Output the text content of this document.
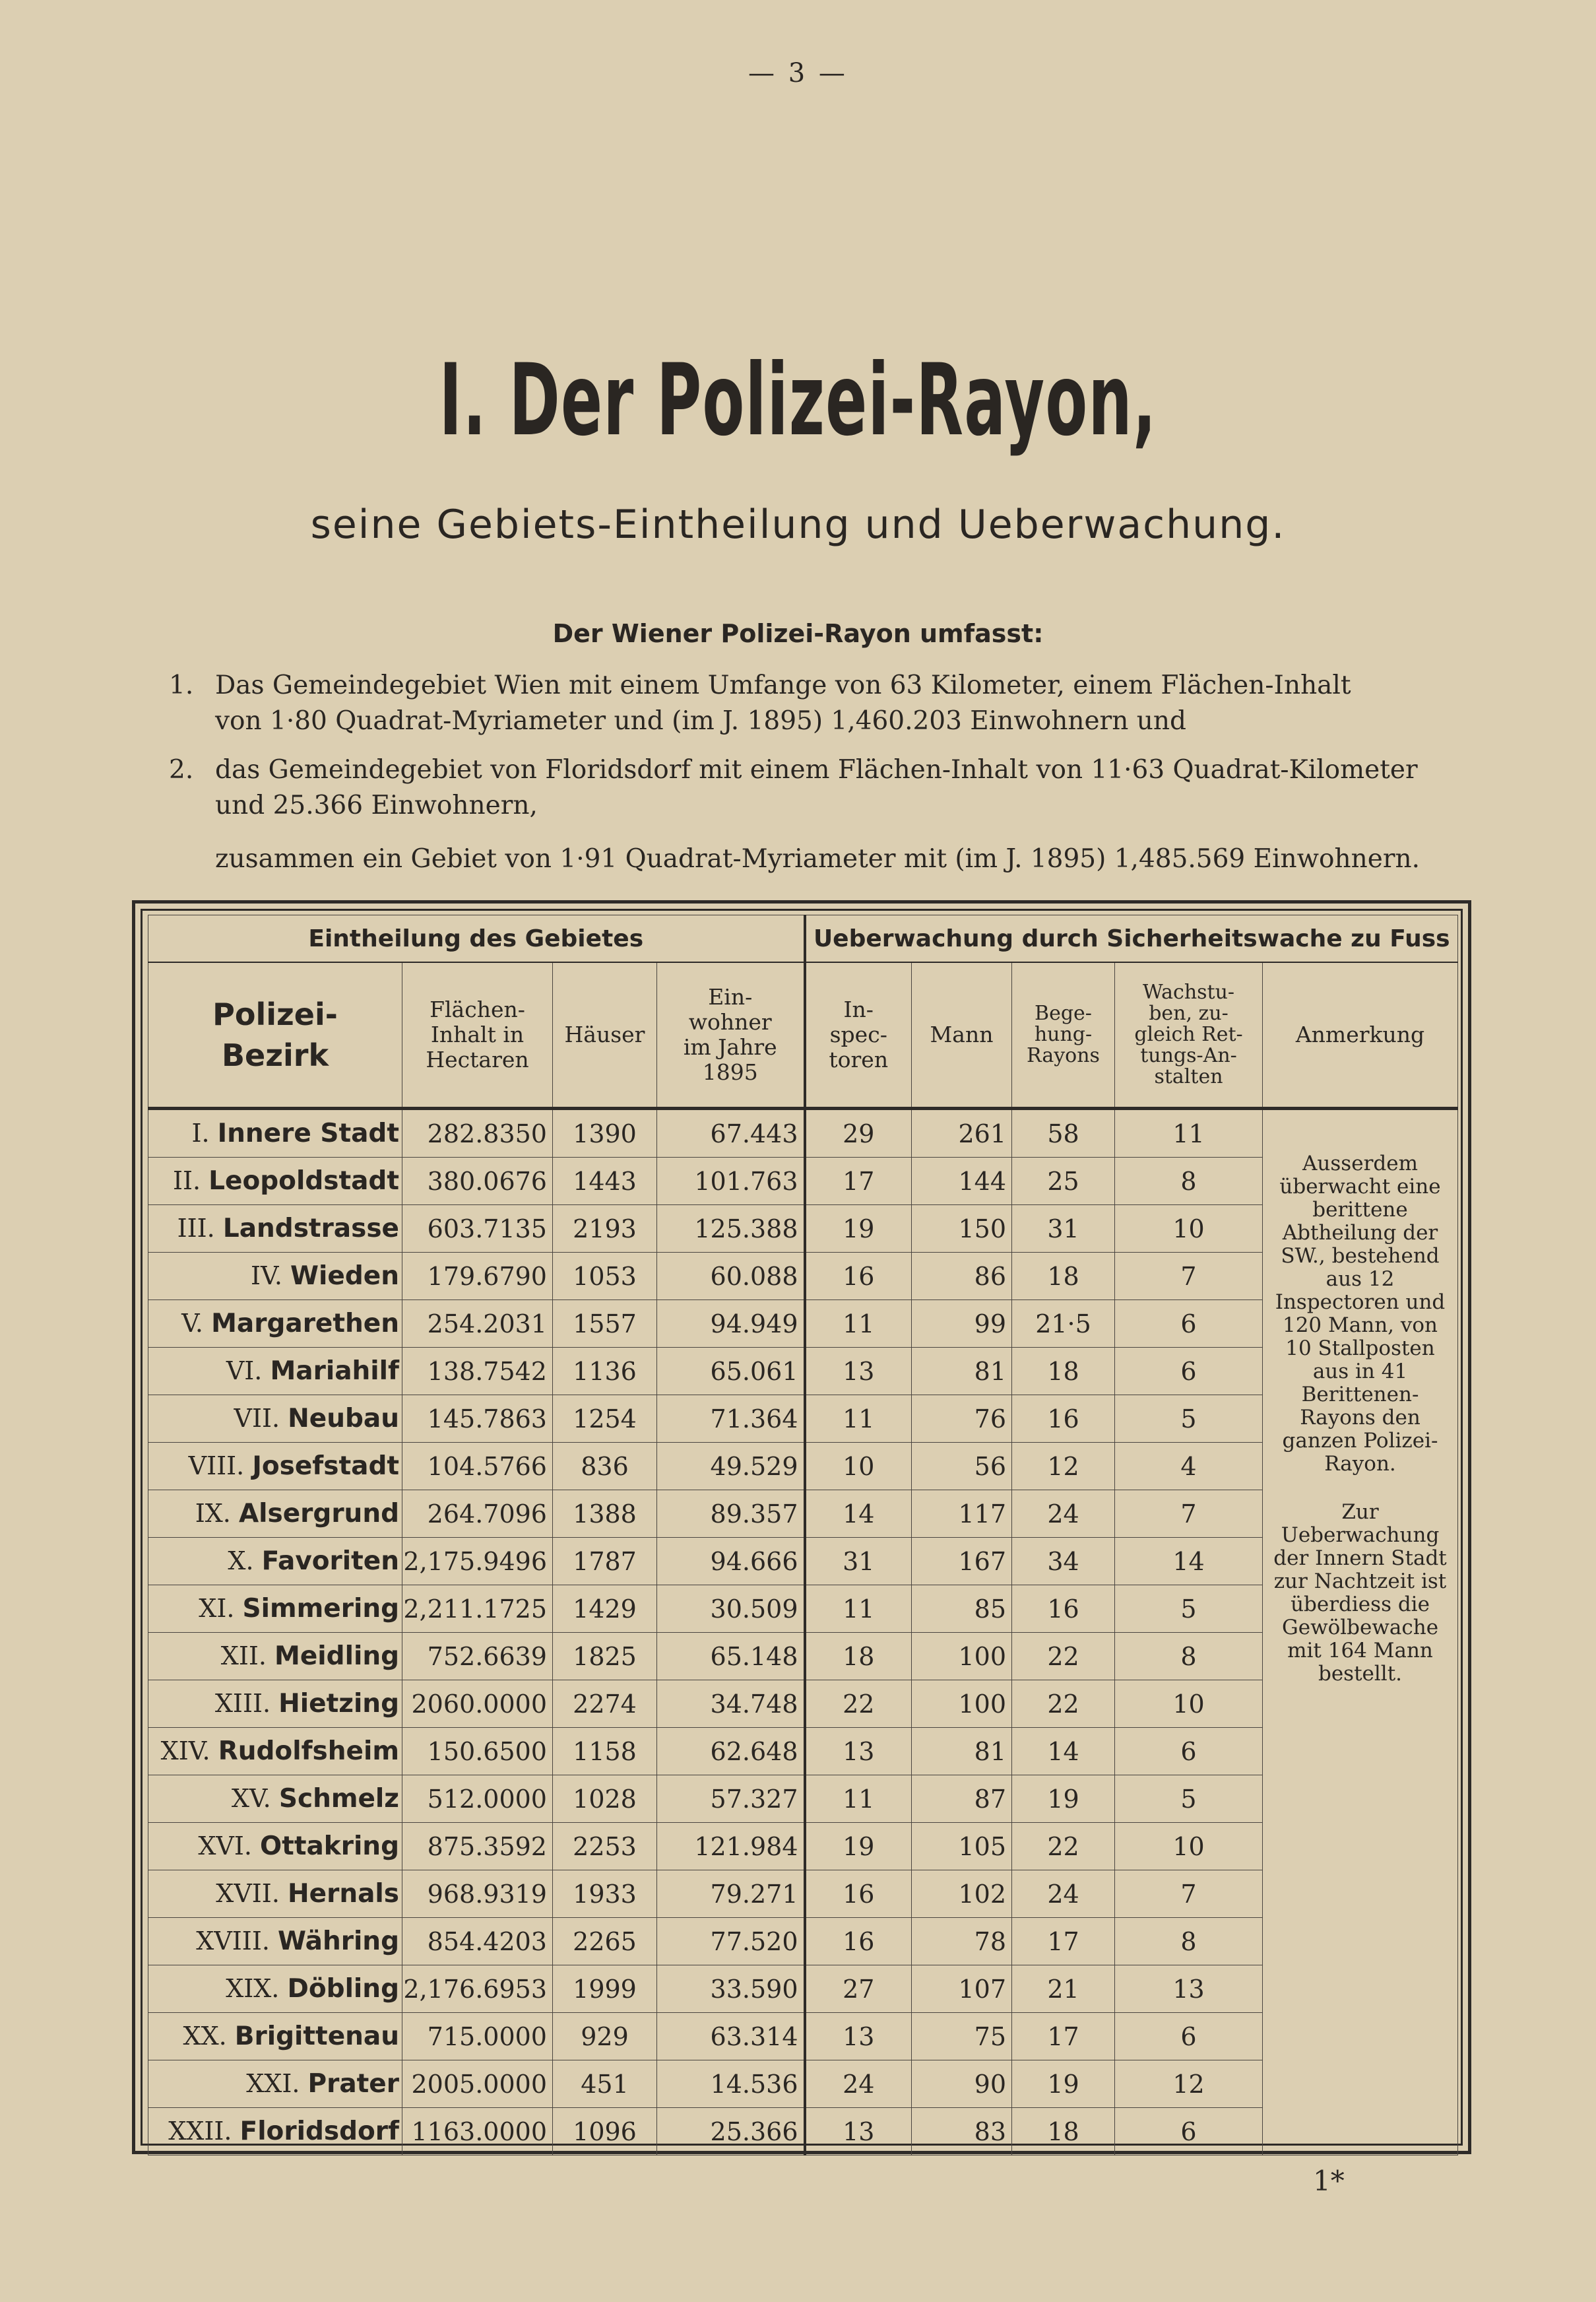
— 3 —
I. Der Polizei-Rayon,
seine Gebiets-Eintheilung und Ueberwachung.
Der Wiener Polizei-Rayon umfasst:
1. Das Gemeindegebiet Wien mit einem Umfange von 63 Kilometer, einem Flächen-Inhalt
von 1·80 Quadrat-Myriameter und (im J. 1895) 1,460.203 Einwohnern und
2. das Gemeindegebiet von Floridsdorf mit einem Flächen-Inhalt von 11·63 Quadrat-Kilometer
und 25.366 Einwohnern,
zusammen ein Gebiet von 1·91 Quadrat-Myriameter mit (im J. 1895) 1,485.569 Einwohnern.
Eintheilung des Gebietes				Ueberwachung durch Sicherheitswache zu Fuss				
Polizei-
Bezirk	Flächen-
Inhalt in
Hectaren	Häuser	Ein-
wohner
im Jahre
1895	In-
spec-
toren	Mann	Bege-
hung-
Rayons	Wachstu-
ben, zu-
gleich Ret-
tungs-An-
stalten	Anmerkung
I. Innere Stadt	282.8350	1390	67.443	29	261	58	11	Ausserdem überwacht eine berittene Abtheilung der SW., bestehend aus 12 Inspectoren und 120 Mann, von 10 Stallposten aus in 41 Berittenen-Rayons den ganzen Polizei-Rayon.

Zur Ueberwachung der Innern Stadt zur Nachtzeit ist überdiess die Gewölbewache mit 164 Mann bestellt.

II. Leopoldstadt	380.0676	1443	101.763	17	144	25	8	
III. Landstrasse	603.7135	2193	125.388	19	150	31	10	
IV. Wieden	179.6790	1053	60.088	16	86	18	7	
V. Margarethen	254.2031	1557	94.949	11	99	21·5	6	
VI. Mariahilf	138.7542	1136	65.061	13	81	18	6	
VII. Neubau	145.7863	1254	71.364	11	76	16	5	
VIII. Josefstadt	104.5766	836	49.529	10	56	12	4	
IX. Alsergrund	264.7096	1388	89.357	14	117	24	7	
X. Favoriten	2,175.9496	1787	94.666	31	167	34	14	
XI. Simmering	2,211.1725	1429	30.509	11	85	16	5	
XII. Meidling	752.6639	1825	65.148	18	100	22	8	
XIII. Hietzing	2060.0000	2274	34.748	22	100	22	10	
XIV. Rudolfsheim	150.6500	1158	62.648	13	81	14	6	
XV. Schmelz	512.0000	1028	57.327	11	87	19	5	
XVI. Ottakring	875.3592	2253	121.984	19	105	22	10	
XVII. Hernals	968.9319	1933	79.271	16	102	24	7	
XVIII. Währing	854.4203	2265	77.520	16	78	17	8	
XIX. Döbling	2,176.6953	1999	33.590	27	107	21	13	
XX. Brigittenau	715.0000	929	63.314	13	75	17	6	
XXI. Prater	2005.0000	451	14.536	24	90	19	12	
XXII. Floridsdorf	1163.0000	1096	25.366	13	83	18	6	
1*
